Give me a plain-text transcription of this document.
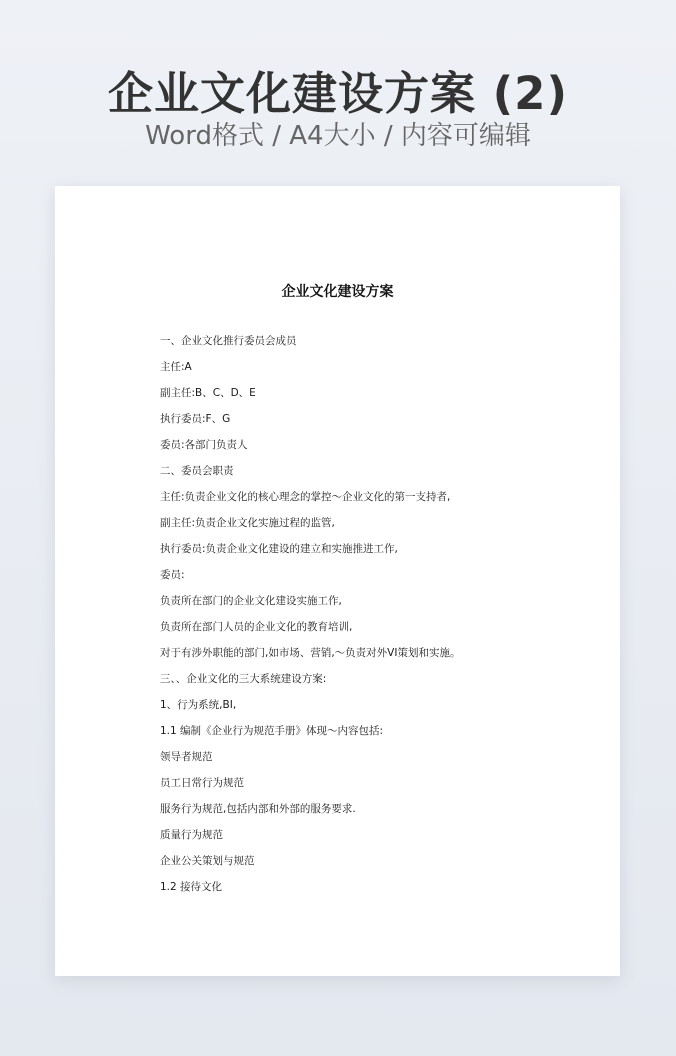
企业文化建设方案 (2)
Word格式 / A4大小 / 内容可编辑
企业文化建设方案
一、企业文化推行委员会成员
主任:A
副主任:B、C、D、E
执行委员:F、G
委员:各部门负责人
二、委员会职责
主任:负责企业文化的核心理念的掌控～企业文化的第一支持者,
副主任:负责企业文化实施过程的监管,
执行委员:负责企业文化建设的建立和实施推进工作,
委员:
负责所在部门的企业文化建设实施工作,
负责所在部门人员的企业文化的教育培训,
对于有涉外职能的部门,如市场、营销,～负责对外VI策划和实施。
三、、企业文化的三大系统建设方案:
1、行为系统,BI,
1.1 编制《企业行为规范手册》体现～内容包括:
领导者规范
员工日常行为规范
服务行为规范,包括内部和外部的服务要求.
质量行为规范
企业公关策划与规范
1.2 接待文化
